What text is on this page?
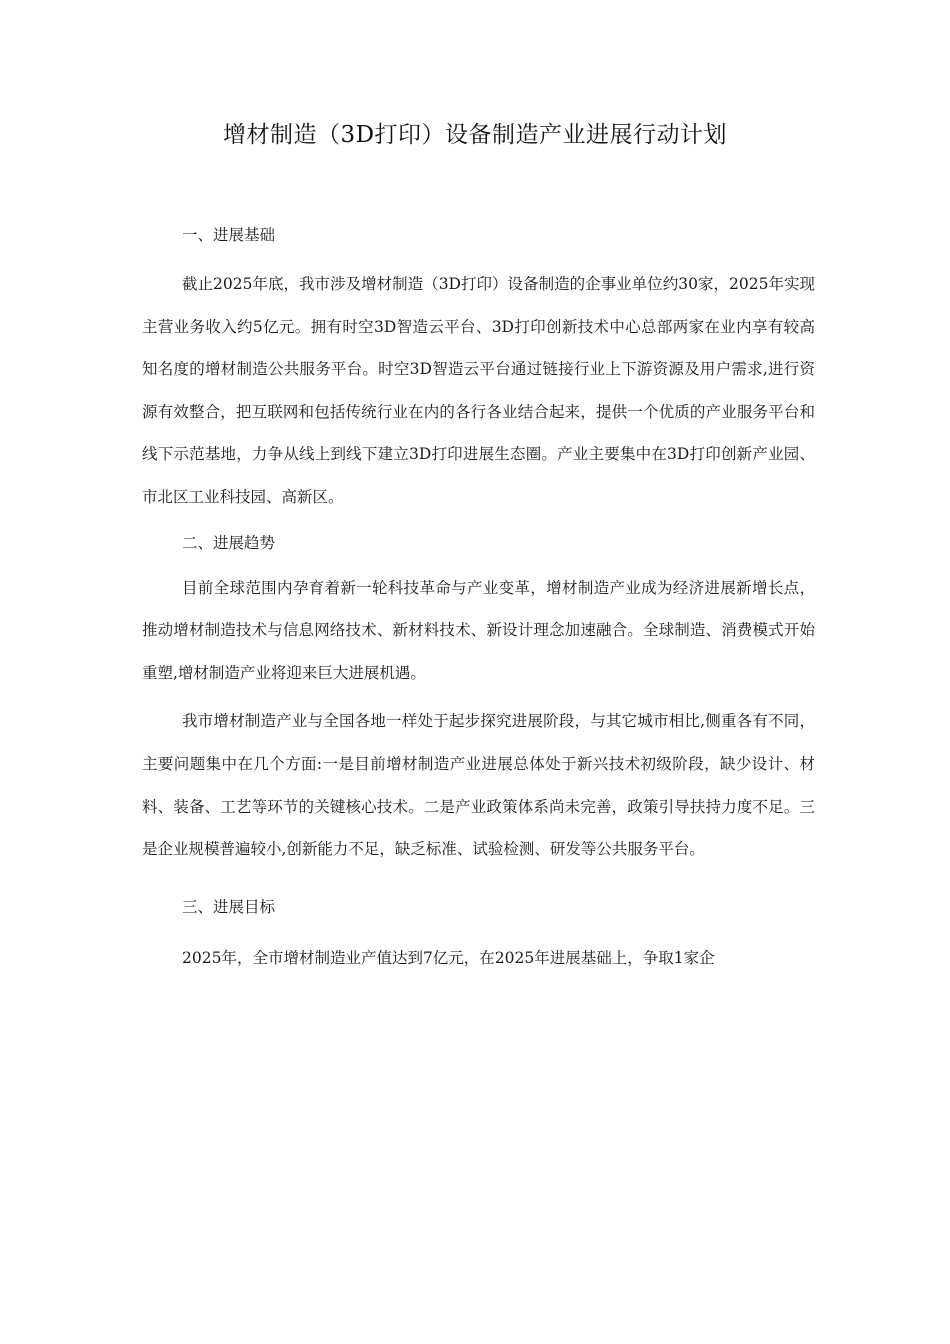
增材制造（3D打印）设备制造产业进展行动计划

一、进展基础

截止2025年底，我市涉及增材制造（3D打印）设备制造的企事业单位约30家，2025年实现主营业务收入约5亿元。拥有时空3D智造云平台、3D打印创新技术中心总部两家在业内享有较高知名度的增材制造公共服务平台。时空3D智造云平台通过链接行业上下游资源及用户需求,进行资源有效整合，把互联网和包括传统行业在内的各行各业结合起来，提供一个优质的产业服务平台和线下示范基地，力争从线上到线下建立3D打印进展生态圈。产业主要集中在3D打印创新产业园、市北区工业科技园、高新区。

二、进展趋势

目前全球范围内孕育着新一轮科技革命与产业变革，增材制造产业成为经济进展新增长点，推动增材制造技术与信息网络技术、新材料技术、新设计理念加速融合。全球制造、消费模式开始重塑,增材制造产业将迎来巨大进展机遇。

我市增材制造产业与全国各地一样处于起步探究进展阶段，与其它城市相比,侧重各有不同，主要问题集中在几个方面:一是目前增材制造产业进展总体处于新兴技术初级阶段，缺少设计、材料、装备、工艺等环节的关键核心技术。二是产业政策体系尚未完善，政策引导扶持力度不足。三是企业规模普遍较小,创新能力不足，缺乏标准、试验检测、研发等公共服务平台。

三、进展目标

2025年，全市增材制造业产值达到7亿元，在2025年进展基础上，争取1家企
